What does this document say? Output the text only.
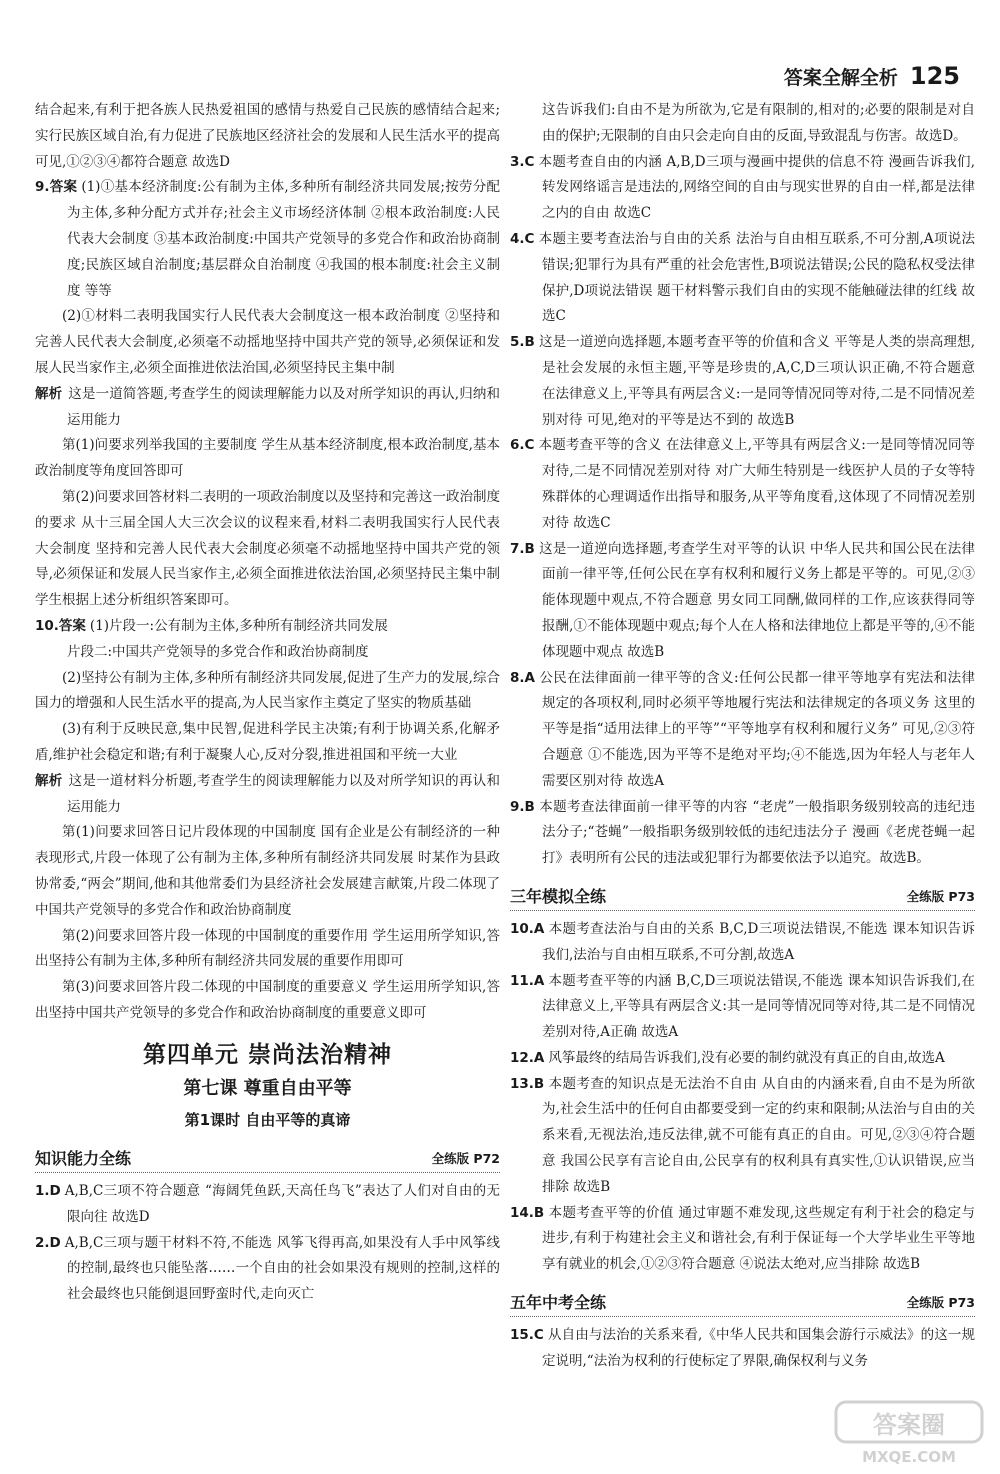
答案全解全析 125

结合起来,有利于把各族人民热爱祖国的感情与热爱自己民族的感情结合起来;实行民族区域自治,有力促进了民族地区经济社会的发展和人民生活水平的提高 可见,①②③④都符合题意 故选D

9.答案 (1)①基本经济制度:公有制为主体,多种所有制经济共同发展;按劳分配为主体,多种分配方式并存;社会主义市场经济体制 ②根本政治制度:人民代表大会制度 ③基本政治制度:中国共产党领导的多党合作和政治协商制度;民族区域自治制度;基层群众自治制度 ④我国的根本制度:社会主义制度 等等

(2)①材料二表明我国实行人民代表大会制度这一根本政治制度 ②坚持和完善人民代表大会制度,必须毫不动摇地坚持中国共产党的领导,必须保证和发展人民当家作主,必须全面推进依法治国,必须坚持民主集中制

解析 这是一道简答题,考查学生的阅读理解能力以及对所学知识的再认,归纳和运用能力

第(1)问要求列举我国的主要制度 学生从基本经济制度,根本政治制度,基本政治制度等角度回答即可

第(2)问要求回答材料二表明的一项政治制度以及坚持和完善这一政治制度的要求 从十三届全国人大三次会议的议程来看,材料二表明我国实行人民代表大会制度 坚持和完善人民代表大会制度必须毫不动摇地坚持中国共产党的领导,必须保证和发展人民当家作主,必须全面推进依法治国,必须坚持民主集中制 学生根据上述分析组织答案即可。

10.答案 (1)片段一:公有制为主体,多种所有制经济共同发展

片段二:中国共产党领导的多党合作和政治协商制度

(2)坚持公有制为主体,多种所有制经济共同发展,促进了生产力的发展,综合国力的增强和人民生活水平的提高,为人民当家作主奠定了坚实的物质基础

(3)有利于反映民意,集中民智,促进科学民主决策;有利于协调关系,化解矛盾,维护社会稳定和谐;有利于凝聚人心,反对分裂,推进祖国和平统一大业

解析 这是一道材料分析题,考查学生的阅读理解能力以及对所学知识的再认和运用能力

第(1)问要求回答日记片段体现的中国制度 国有企业是公有制经济的一种表现形式,片段一体现了公有制为主体,多种所有制经济共同发展 时某作为县政协常委,“两会”期间,他和其他常委们为县经济社会发展建言献策,片段二体现了中国共产党领导的多党合作和政治协商制度

第(2)问要求回答片段一体现的中国制度的重要作用 学生运用所学知识,答出坚持公有制为主体,多种所有制经济共同发展的重要作用即可

第(3)问要求回答片段二体现的中国制度的重要意义 学生运用所学知识,答出坚持中国共产党领导的多党合作和政治协商制度的重要意义即可

第四单元 崇尚法治精神
第七课 尊重自由平等
第1课时 自由平等的真谛
知识能力全练	全练版 P72

1.D A,B,C三项不符合题意 “海阔凭鱼跃,天高任鸟飞”表达了人们对自由的无限向往 故选D

2.D A,B,C三项与题干材料不符,不能选 风筝飞得再高,如果没有人手中风筝线的控制,最终也只能坠落……一个自由的社会如果没有规则的控制,这样的社会最终也只能倒退回野蛮时代,走向灭亡

这告诉我们:自由不是为所欲为,它是有限制的,相对的;必要的限制是对自由的保护;无限制的自由只会走向自由的反面,导致混乱与伤害。故选D。

3.C 本题考查自由的内涵 A,B,D三项与漫画中提供的信息不符 漫画告诉我们,转发网络谣言是违法的,网络空间的自由与现实世界的自由一样,都是法律之内的自由 故选C

4.C 本题主要考查法治与自由的关系 法治与自由相互联系,不可分割,A项说法错误;犯罪行为具有严重的社会危害性,B项说法错误;公民的隐私权受法律保护,D项说法错误 题干材料警示我们自由的实现不能触碰法律的红线 故选C

5.B 这是一道逆向选择题,本题考查平等的价值和含义 平等是人类的崇高理想,是社会发展的永恒主题,平等是珍贵的,A,C,D三项认识正确,不符合题意 在法律意义上,平等具有两层含义:一是同等情况同等对待,二是不同情况差别对待 可见,绝对的平等是达不到的 故选B

6.C 本题考查平等的含义 在法律意义上,平等具有两层含义:一是同等情况同等对待,二是不同情况差别对待 对广大师生特别是一线医护人员的子女等特殊群体的心理调适作出指导和服务,从平等角度看,这体现了不同情况差别对待 故选C

7.B 这是一道逆向选择题,考查学生对平等的认识 中华人民共和国公民在法律面前一律平等,任何公民在享有权利和履行义务上都是平等的。可见,②③能体现题中观点,不符合题意 男女同工同酬,做同样的工作,应该获得同等报酬,①不能体现题中观点;每个人在人格和法律地位上都是平等的,④不能体现题中观点 故选B

8.A 公民在法律面前一律平等的含义:任何公民都一律平等地享有宪法和法律规定的各项权利,同时必须平等地履行宪法和法律规定的各项义务 这里的平等是指“适用法律上的平等”“平等地享有权利和履行义务” 可见,②③符合题意 ①不能选,因为平等不是绝对平均;④不能选,因为年轻人与老年人需要区别对待 故选A

9.B 本题考查法律面前一律平等的内容 “老虎”一般指职务级别较高的违纪违法分子;“苍蝇”一般指职务级别较低的违纪违法分子 漫画《老虎苍蝇一起打》表明所有公民的违法或犯罪行为都要依法予以追究。故选B。

三年模拟全练	全练版 P73

10.A 本题考查法治与自由的关系 B,C,D三项说法错误,不能选 课本知识告诉我们,法治与自由相互联系,不可分割,故选A

11.A 本题考查平等的内涵 B,C,D三项说法错误,不能选 课本知识告诉我们,在法律意义上,平等具有两层含义:其一是同等情况同等对待,其二是不同情况差别对待,A正确 故选A

12.A 风筝最终的结局告诉我们,没有必要的制约就没有真正的自由,故选A

13.B 本题考查的知识点是无法治不自由 从自由的内涵来看,自由不是为所欲为,社会生活中的任何自由都要受到一定的约束和限制;从法治与自由的关系来看,无视法治,违反法律,就不可能有真正的自由。可见,②③④符合题意 我国公民享有言论自由,公民享有的权利具有真实性,①认识错误,应当排除 故选B

14.B 本题考查平等的价值 通过审题不难发现,这些规定有利于社会的稳定与进步,有利于构建社会主义和谐社会,有利于保证每一个大学毕业生平等地享有就业的机会,①②③符合题意 ④说法太绝对,应当排除 故选B

五年中考全练	全练版 P73

15.C 从自由与法治的关系来看,《中华人民共和国集会游行示威法》的这一规定说明,“法治为权利的行使标定了界限,确保权利与义务

答案圈
MXQE.COM
